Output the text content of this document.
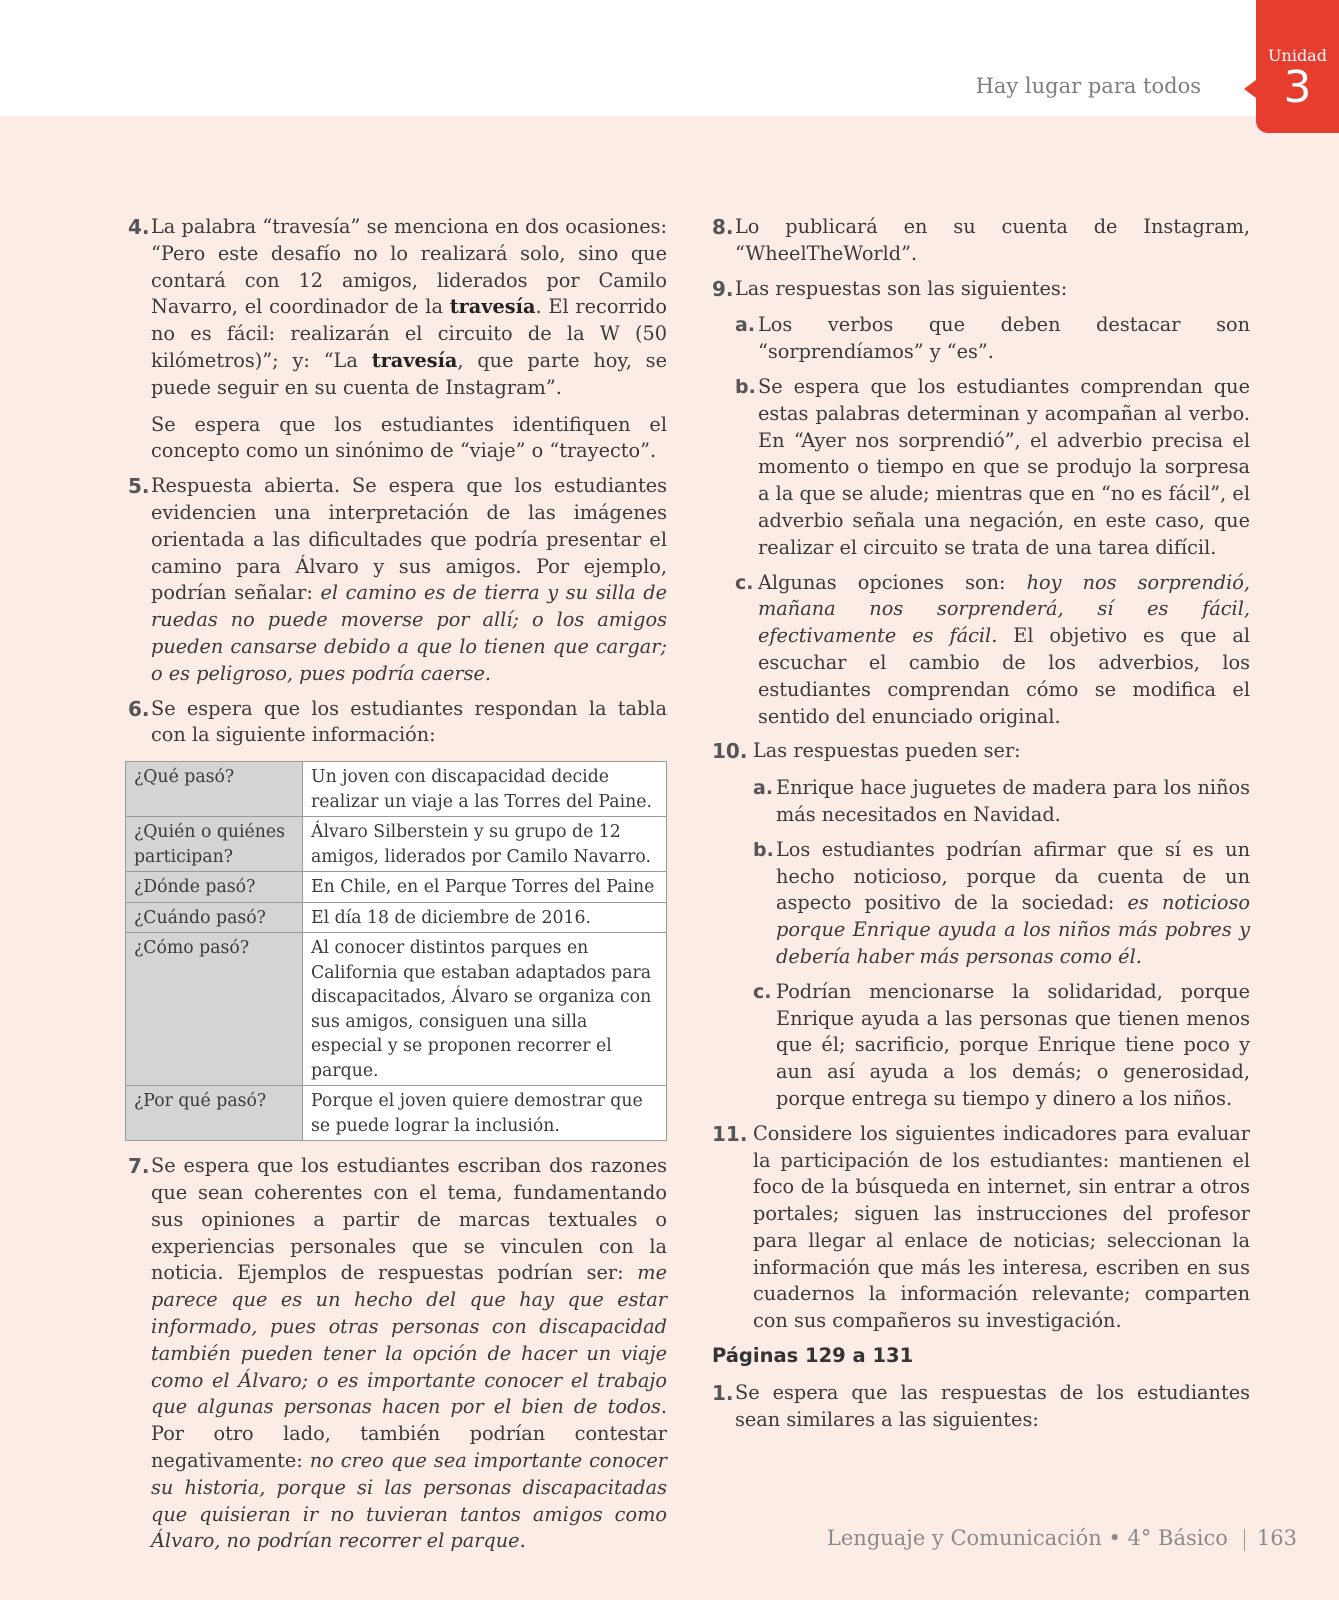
Hay lugar para todos
Unidad
3
4. La palabra “travesía” se menciona en dos ocasiones: “Pero este desafío no lo realizará solo, sino que contará con 12 amigos, liderados por Camilo Navarro, el coordinador de la travesía. El recorrido no es fácil: realizarán el circuito de la W (50 kilómetros)”; y: “La travesía, que parte hoy, se puede seguir en su cuenta de Instagram”.

Se espera que los estudiantes identifiquen el concepto como un sinónimo de “viaje” o “trayecto”.

5. Respuesta abierta. Se espera que los estudiantes evidencien una interpretación de las imágenes orientada a las dificultades que podría presentar el camino para Álvaro y sus amigos. Por ejemplo, podrían señalar: el camino es de tierra y su silla de ruedas no puede moverse por allí; o los amigos pueden cansarse debido a que lo tienen que cargar; o es peligroso, pues podría caerse.

6. Se espera que los estudiantes respondan la tabla con la siguiente información:

¿Qué pasó?	Un joven con discapacidad decide realizar un viaje a las Torres del Paine.
¿Quién o quiénes participan?	Álvaro Silberstein y su grupo de 12 amigos, liderados por Camilo Navarro.
¿Dónde pasó?	En Chile, en el Parque Torres del Paine
¿Cuándo pasó?	El día 18 de diciembre de 2016.
¿Cómo pasó?	Al conocer distintos parques en California que estaban adaptados para discapacitados, Álvaro se organiza con sus amigos, consiguen una silla especial y se proponen recorrer el parque.
¿Por qué pasó?	Porque el joven quiere demostrar que se puede lograr la inclusión.
7. Se espera que los estudiantes escriban dos razones que sean coherentes con el tema, fundamentando sus opiniones a partir de marcas textuales o experiencias personales que se vinculen con la noticia. Ejemplos de respuestas podrían ser: me parece que es un hecho del que hay que estar informado, pues otras personas con discapacidad también pueden tener la opción de hacer un viaje como el Álvaro; o es importante conocer el trabajo que algunas personas hacen por el bien de todos. Por otro lado, también podrían contestar negativamente: no creo que sea importante conocer su historia, porque si las personas discapacitadas que quisieran ir no tuvieran tantos amigos como Álvaro, no podrían recorrer el parque.

8. Lo publicará en su cuenta de Instagram, “WheelTheWorld”.

9. Las respuestas son las siguientes:

a. Los verbos que deben destacar son “sorprendíamos” y “es”.
b. Se espera que los estudiantes comprendan que estas palabras determinan y acompañan al verbo. En “Ayer nos sorprendió”, el adverbio precisa el momento o tiempo en que se produjo la sorpresa a la que se alude; mientras que en “no es fácil”, el adverbio señala una negación, en este caso, que realizar el circuito se trata de una tarea difícil.
c. Algunas opciones son: hoy nos sorprendió, mañana nos sorprenderá, sí es fácil, efectivamente es fácil. El objetivo es que al escuchar el cambio de los adverbios, los estudiantes comprendan cómo se modifica el sentido del enunciado original.
10. Las respuestas pueden ser:

a. Enrique hace juguetes de madera para los niños más necesitados en Navidad.
b. Los estudiantes podrían afirmar que sí es un hecho noticioso, porque da cuenta de un aspecto positivo de la sociedad: es noticioso porque Enrique ayuda a los niños más pobres y debería haber más personas como él.
c. Podrían mencionarse la solidaridad, porque Enrique ayuda a las personas que tienen menos que él; sacrificio, porque Enrique tiene poco y aun así ayuda a los demás; o generosidad, porque entrega su tiempo y dinero a los niños.
11. Considere los siguientes indicadores para evaluar la participación de los estudiantes: mantienen el foco de la búsqueda en internet, sin entrar a otros portales; siguen las instrucciones del profesor para llegar al enlace de noticias; seleccionan la información que más les interesa, escriben en sus cuadernos la información relevante; comparten con sus compañeros su investigación.

Páginas 129 a 131
1. Se espera que las respuestas de los estudiantes sean similares a las siguientes:

Lenguaje y Comunicación • 4° Básico 163
